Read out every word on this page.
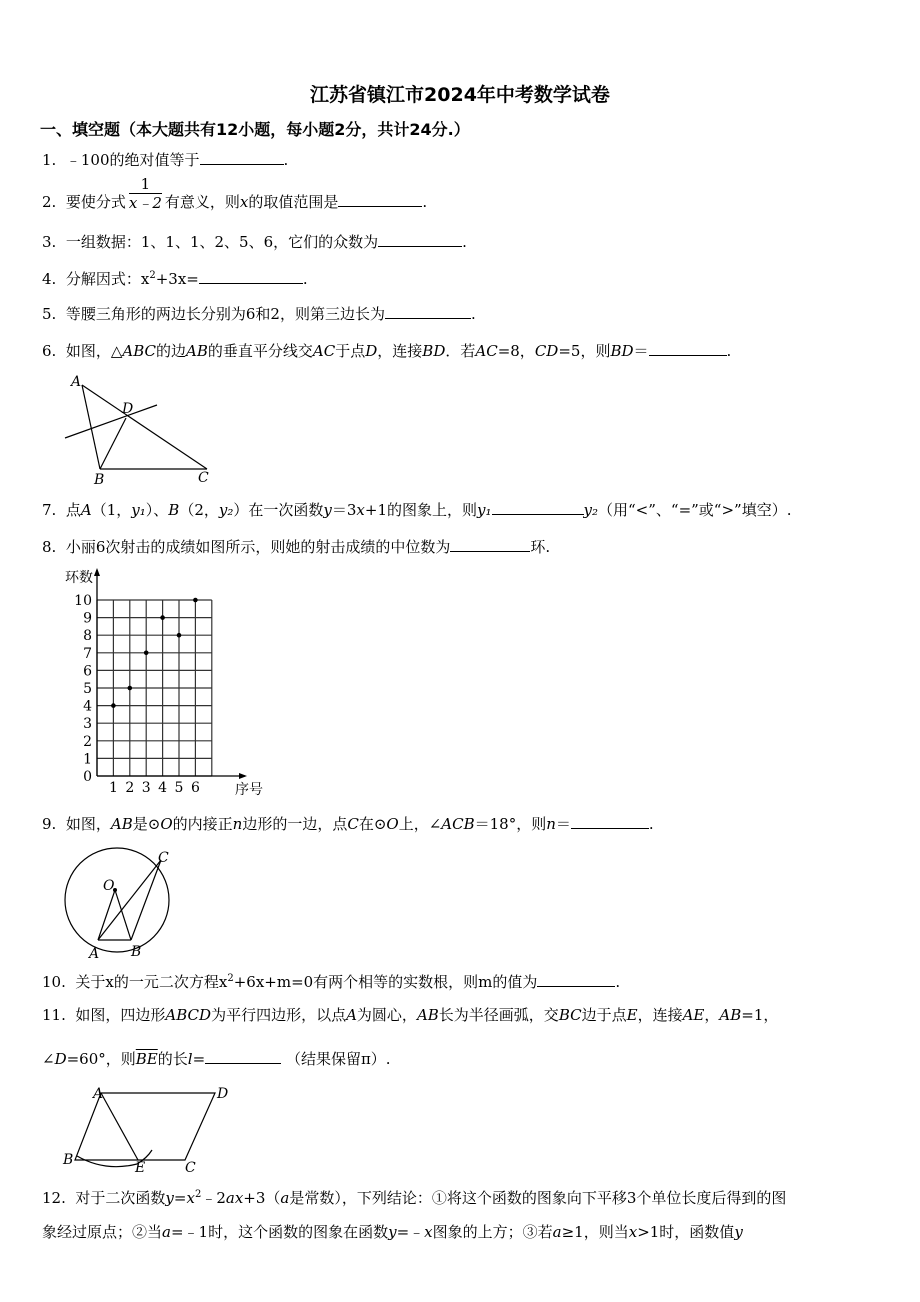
江苏省镇江市2024年中考数学试卷
一、填空题（本大题共有12小题，每小题2分，共计24分.）
1. ﹣100的绝对值等于	.
2. 要使分式 $\frac{1}{x﹣2}$ 有意义，则x的取值范围是	.
3. 一组数据：1、1、1、2、5、6，它们的众数为	.
4. 分解因式：$x^2+3x=$	.
5. 等腰三角形的两边长分别为6和2，则第三边长为	.
6. 如图，△ABC的边AB的垂直平分线交AC于点D，连接BD．若AC=8，CD=5，则BD＝	.
A
D
B	C
7. 点A（1，y₁）、B（2，y₂）在一次函数y＝3x+1的图象上，则y₁	y₂（用“<”、“=”或“>”填空）.
8. 小丽6次射击的成绩如图所示，则她的射击成绩的中位数为	环.
0
1
2
3
4
5
6
7
8
9
10
1 2 3 4 5 6
环数
序号
9. 如图，AB是⊙O的内接正n边形的一边，点C在⊙O上，∠ACB＝18°，则n＝	.
O
C
A B
10. 关于x的一元二次方程$x^2+6x+m=0$有两个相等的实数根，则m的值为	.
11. 如图，四边形ABCD为平行四边形，以点A为圆心，AB长为半径画弧，交BC边于点E，连接AE，AB=1，
∠D=60°，则$\overline{BE}$的长l=	（结果保留π）.
A	D
B	E	C
12. 对于二次函数$y=x^2﹣2ax+3(a$是常数），下列结论：①将这个函数的图象向下平移3个单位长度后得到的图
象经过原点；②当a=﹣1时，这个函数的图象在函数y=﹣x图象的上方；③若a≥1，则当x>1时，函数值y
